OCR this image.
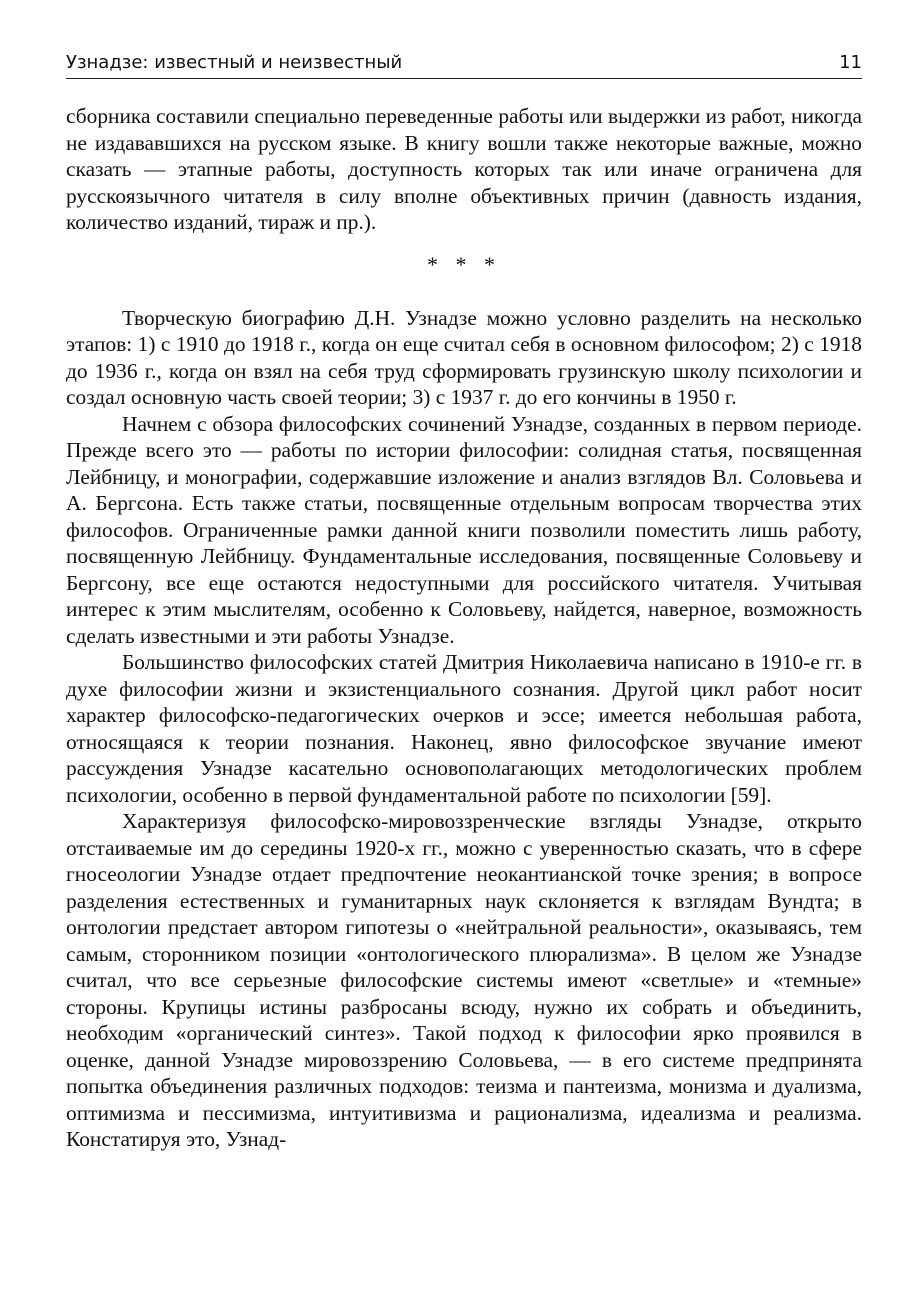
Узнадзе: известный и неизвестный	11

сборника составили специально переведенные работы или выдержки из работ, никогда не издававшихся на русском языке. В книгу вошли также некоторые важные, можно сказать — этапные работы, доступность которых так или иначе ограничена для русскоязычного читателя в силу вполне объективных причин (давность издания, количество изданий, тираж и пр.).

* * *

Творческую биографию Д.Н. Узнадзе можно условно разделить на несколько этапов: 1) с 1910 до 1918 г., когда он еще считал себя в основном философом; 2) с 1918 до 1936 г., когда он взял на себя труд сформировать грузинскую школу психологии и создал основную часть своей теории; 3) с 1937 г. до его кончины в 1950 г.

Начнем с обзора философских сочинений Узнадзе, созданных в первом периоде. Прежде всего это — работы по истории философии: солидная статья, посвященная Лейбницу, и монографии, содержавшие изложение и анализ взглядов Вл. Соловьева и А. Бергсона. Есть также статьи, посвященные отдельным вопросам творчества этих философов. Ограниченные рамки данной книги позволили поместить лишь работу, посвященную Лейбницу. Фундаментальные исследования, посвященные Соловьеву и Бергсону, все еще остаются недоступными для российского читателя. Учитывая интерес к этим мыслителям, особенно к Соловьеву, найдется, наверное, возможность сделать известными и эти работы Узнадзе.

Большинство философских статей Дмитрия Николаевича написано в 1910-е гг. в духе философии жизни и экзистенциального сознания. Другой цикл работ носит характер философско-педагогических очерков и эссе; имеется небольшая работа, относящаяся к теории познания. Наконец, явно философское звучание имеют рассуждения Узнадзе касательно основополагающих методологических проблем психологии, особенно в первой фундаментальной работе по психологии [59].

Характеризуя философско-мировоззренческие взгляды Узнадзе, открыто отстаиваемые им до середины 1920-х гг., можно с уверенностью сказать, что в сфере гносеологии Узнадзе отдает предпочтение неокантианской точке зрения; в вопросе разделения естественных и гуманитарных наук склоняется к взглядам Вундта; в онтологии предстает автором гипотезы о «нейтральной реальности», оказываясь, тем самым, сторонником позиции «онтологического плюрализма». В целом же Узнадзе считал, что все серьезные философские системы имеют «светлые» и «темные» стороны. Крупицы истины разбросаны всюду, нужно их собрать и объединить, необходим «органический синтез». Такой подход к философии ярко проявился в оценке, данной Узнадзе мировоззрению Соловьева, — в его системе предпринята попытка объединения различных подходов: теизма и пантеизма, монизма и дуализма, оптимизма и пессимизма, интуитивизма и рационализма, идеализма и реализма. Констатируя это, Узнад-
